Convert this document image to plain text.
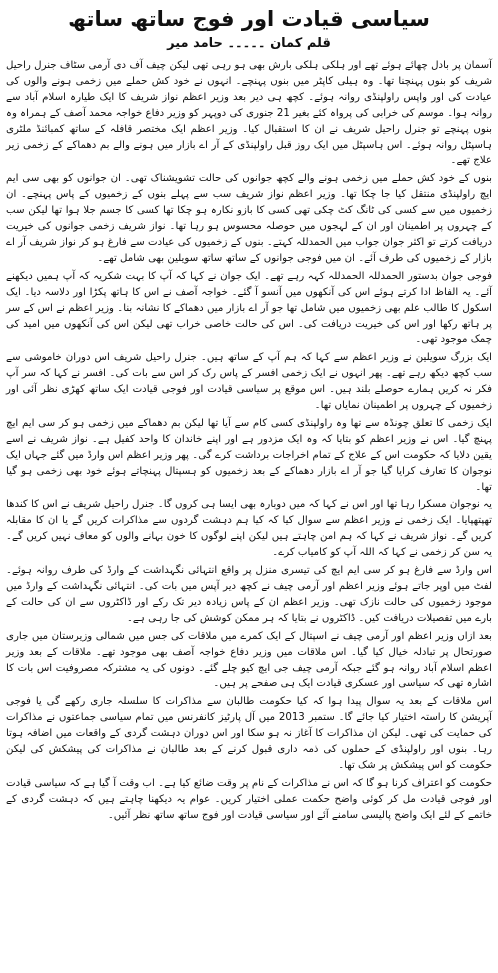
سیاسی قیادت اور فوج ساتھ ساتھ
قلم کمان ۔۔۔۔۔ حامد میر

آسمان پر بادل چھائے ہوئے تھے اور ہلکی ہلکی بارش بھی ہو رہی تھی لیکن چیف آف دی آرمی سٹاف جنرل راحیل شریف کو بنوں پہنچنا تھا۔ وہ ہیلی کاپٹر میں بنوں پہنچے۔ انہوں نے خود کش حملے میں زخمی ہونے والوں کی عیادت کی اور واپس راولپنڈی روانہ ہوئے۔ کچھ ہی دیر بعد وزیر اعظم نواز شریف کا ایک طیارہ اسلام آباد سے روانہ ہوا۔ موسم کی خرابی کی پرواہ کئے بغیر 21 جنوری کی دوپہر کو وزیر دفاع خواجہ محمد آصف کے ہمراہ وہ بنوں پہنچے تو جنرل راحیل شریف نے ان کا استقبال کیا۔ وزیر اعظم ایک مختصر قافلہ کے ساتھ کمبائنڈ ملٹری ہاسپٹل روانہ ہوئے۔ اس ہاسپٹل میں ایک روز قبل راولپنڈی کے آر اے بازار میں ہونے والے بم دھماکے کے زخمی زیر علاج تھے۔

بنوں کے خود کش حملے میں زخمی ہونے والے کچھ جوانوں کی حالت تشویشناک تھی۔ ان جوانوں کو بھی سی ایم ایچ راولپنڈی منتقل کیا جا چکا تھا۔ وزیر اعظم نواز شریف سب سے پہلے بنوں کے زخمیوں کے پاس پہنچے۔ ان زخمیوں میں سے کسی کی ٹانگ کٹ چکی تھی کسی کا بازو نکارہ ہو چکا تھا کسی کا جسم جلا ہوا تھا لیکن سب کے چہروں پر اطمینان اور ان کے لہجوں میں حوصلہ محسوس ہو رہا تھا۔ نواز شریف زخمی جوانوں کی خیریت دریافت کرتے تو اکثر جوان جواب میں الحمدللہ کہتے۔ بنوں کے زخمیوں کی عیادت سے فارغ ہو کر نواز شریف آر اے بازار کے زخمیوں کی طرف آئے۔ ان میں فوجی جوانوں کے ساتھ ساتھ سویلین بھی شامل تھے۔

فوجی جوان بدستور الحمدللہ الحمدللہ کہہ رہے تھے۔ ایک جوان نے کہا کہ آپ کا بہت شکریہ کہ آپ ہمیں دیکھنے آئے۔ یہ الفاظ ادا کرتے ہوئے اس کی آنکھوں میں آنسو آ گئے۔ خواجہ آصف نے اس کا ہاتھ پکڑا اور دلاسہ دیا۔ ایک اسکول کا طالب علم بھی زخمیوں میں شامل تھا جو آر اے بازار میں دھماکے کا نشانہ بنا۔ وزیر اعظم نے اس کے سر پر ہاتھ رکھا اور اس کی خیریت دریافت کی۔ اس کی حالت خاصی خراب تھی لیکن اس کی آنکھوں میں امید کی چمک موجود تھی۔

ایک بزرگ سویلین نے وزیر اعظم سے کہا کہ ہم آپ کے ساتھ ہیں۔ جنرل راحیل شریف اس دوران خاموشی سے سب کچھ دیکھ رہے تھے۔ پھر انہوں نے ایک زخمی افسر کے پاس رک کر اس سے بات کی۔ افسر نے کہا کہ سر آپ فکر نہ کریں ہمارے حوصلے بلند ہیں۔ اس موقع پر سیاسی قیادت اور فوجی قیادت ایک ساتھ کھڑی نظر آئی اور زخمیوں کے چہروں پر اطمینان نمایاں تھا۔

ایک زخمی کا تعلق چونڈہ سے تھا وہ راولپنڈی کسی کام سے آیا تھا لیکن بم دھماکے میں زخمی ہو کر سی ایم ایچ پہنچ گیا۔ اس نے وزیر اعظم کو بتایا کہ وہ ایک مزدور ہے اور اپنے خاندان کا واحد کفیل ہے۔ نواز شریف نے اسے یقین دلایا کہ حکومت اس کے علاج کے تمام اخراجات برداشت کرے گی۔ پھر وزیر اعظم اس وارڈ میں گئے جہاں ایک نوجوان کا تعارف کرایا گیا جو آر اے بازار دھماکے کے بعد زخمیوں کو ہسپتال پہنچاتے ہوئے خود بھی زخمی ہو گیا تھا۔

یہ نوجوان مسکرا رہا تھا اور اس نے کہا کہ میں دوبارہ بھی ایسا ہی کروں گا۔ جنرل راحیل شریف نے اس کا کندھا تھپتھپایا۔ ایک زخمی نے وزیر اعظم سے سوال کیا کہ کیا ہم دہشت گردوں سے مذاکرات کریں گے یا ان کا مقابلہ کریں گے۔ نواز شریف نے کہا کہ ہم امن چاہتے ہیں لیکن اپنے لوگوں کا خون بہانے والوں کو معاف نہیں کریں گے۔ یہ سن کر زخمی نے کہا کہ اللہ آپ کو کامیاب کرے۔

اس وارڈ سے فارغ ہو کر سی ایم ایچ کی تیسری منزل پر واقع انتہائی نگہداشت کے وارڈ کی طرف روانہ ہوئے۔ لفٹ میں اوپر جاتے ہوئے وزیر اعظم اور آرمی چیف نے کچھ دیر آپس میں بات کی۔ انتہائی نگہداشت کے وارڈ میں موجود زخمیوں کی حالت نازک تھی۔ وزیر اعظم ان کے پاس زیادہ دیر تک رکے اور ڈاکٹروں سے ان کی حالت کے بارے میں تفصیلات دریافت کیں۔ ڈاکٹروں نے بتایا کہ ہر ممکن کوشش کی جا رہی ہے۔

بعد ازاں وزیر اعظم اور آرمی چیف نے اسپتال کے ایک کمرے میں ملاقات کی جس میں شمالی وزیرستان میں جاری صورتحال پر تبادلہ خیال کیا گیا۔ اس ملاقات میں وزیر دفاع خواجہ آصف بھی موجود تھے۔ ملاقات کے بعد وزیر اعظم اسلام آباد روانہ ہو گئے جبکہ آرمی چیف جی ایچ کیو چلے گئے۔ دونوں کی یہ مشترکہ مصروفیت اس بات کا اشارہ تھی کہ سیاسی اور عسکری قیادت ایک ہی صفحے پر ہیں۔

اس ملاقات کے بعد یہ سوال پیدا ہوا کہ کیا حکومت طالبان سے مذاکرات کا سلسلہ جاری رکھے گی یا فوجی آپریشن کا راستہ اختیار کیا جائے گا۔ ستمبر 2013 میں آل پارٹیز کانفرنس میں تمام سیاسی جماعتوں نے مذاکرات کی حمایت کی تھی۔ لیکن ان مذاکرات کا آغاز نہ ہو سکا اور اس دوران دہشت گردی کے واقعات میں اضافہ ہوتا رہا۔ بنوں اور راولپنڈی کے حملوں کی ذمہ داری قبول کرنے کے بعد طالبان نے مذاکرات کی پیشکش کی لیکن حکومت کو اس پیشکش پر شک تھا۔

حکومت کو اعتراف کرنا ہو گا کہ اس نے مذاکرات کے نام پر وقت ضائع کیا ہے۔ اب وقت آ گیا ہے کہ سیاسی قیادت اور فوجی قیادت مل کر کوئی واضح حکمت عملی اختیار کریں۔ عوام یہ دیکھنا چاہتے ہیں کہ دہشت گردی کے خاتمے کے لئے ایک واضح پالیسی سامنے آئے اور سیاسی قیادت اور فوج ساتھ ساتھ نظر آئیں۔
